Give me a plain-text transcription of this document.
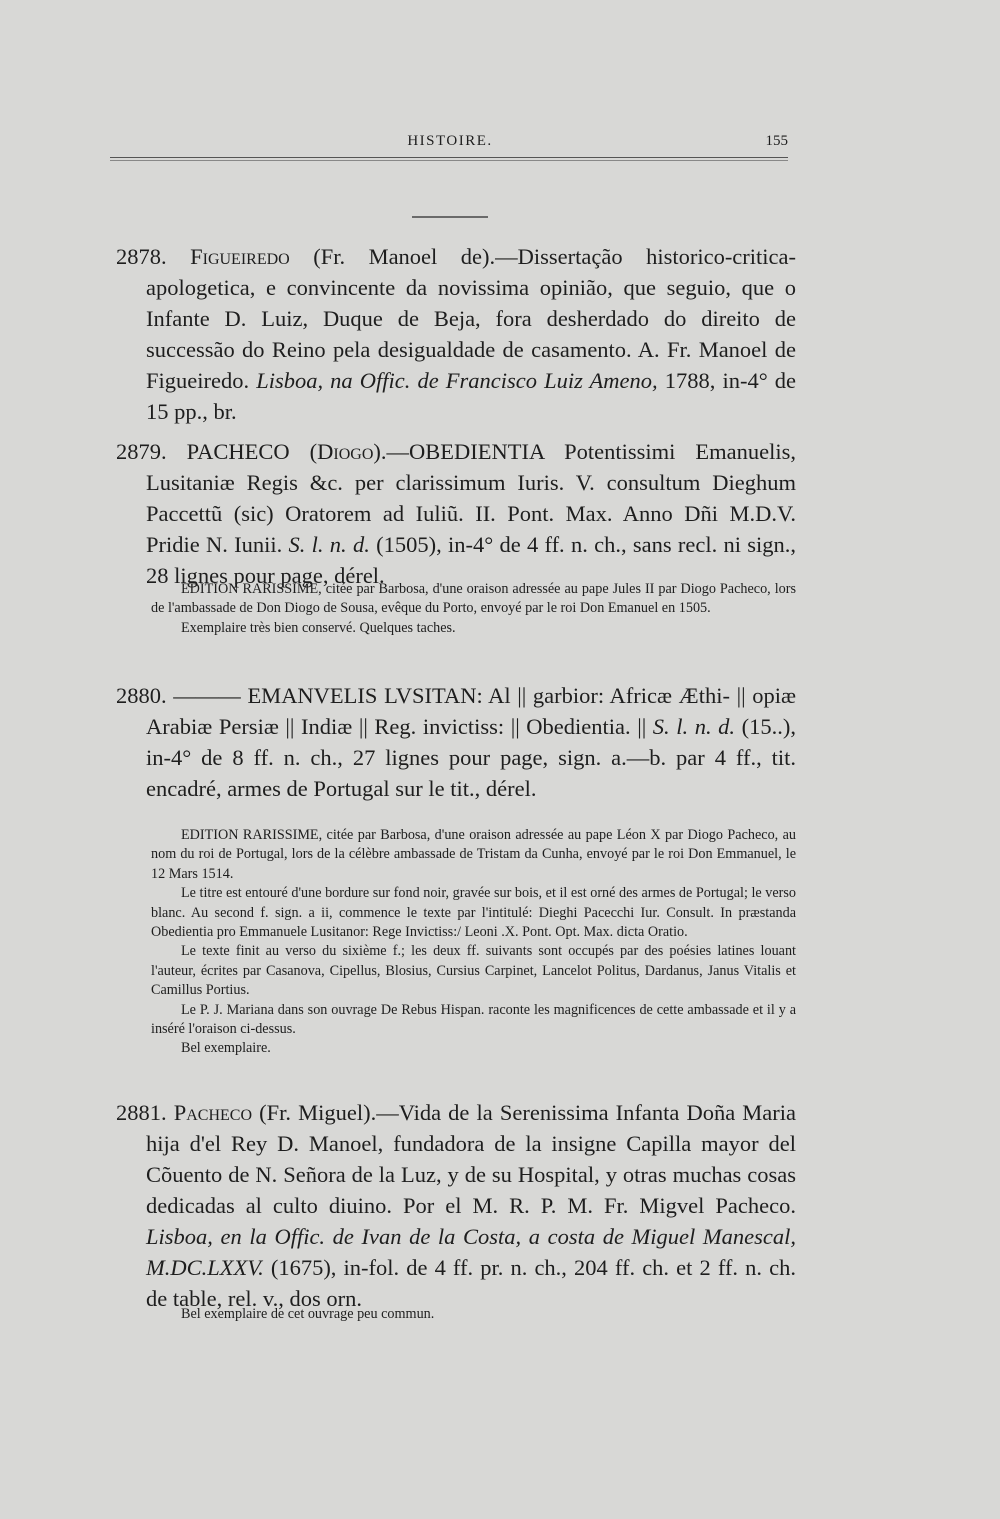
HISTOIRE.	155

2878. Figueiredo (Fr. Manoel de).—Dissertação historico-critica-apologetica, e convincente da novissima opinião, que seguio, que o Infante D. Luiz, Duque de Beja, fora desherdado do direito de successão do Reino pela desigualdade de casamento. A. Fr. Manoel de Figueiredo. Lisboa, na Offic. de Francisco Luiz Ameno, 1788, in-4° de 15 pp., br.

2879. PACHECO (Diogo).—OBEDIENTIA Potentissimi Emanuelis, Lusitaniæ Regis &c. per clarissimum Iuris. V. consultum Dieghum Paccettũ (sic) Oratorem ad Iuliũ. II. Pont. Max. Anno Dñi M.D.V. Pridie N. Iunii. S. l. n. d. (1505), in-4° de 4 ff. n. ch., sans recl. ni sign., 28 lignes pour page, dérel.

EDITION RARISSIME, citée par Barbosa, d'une oraison adressée au pape Jules II par Diogo Pacheco, lors de l'ambassade de Don Diogo de Sousa, evêque du Porto, envoyé par le roi Don Emanuel en 1505.

Exemplaire très bien conservé. Quelques taches.

2880. ——— EMANVELIS LVSITAN: Al || garbior: Africæ Æthi- || opiæ Arabiæ Persiæ || Indiæ || Reg. invictiss: || Obedientia. || S. l. n. d. (15..), in-4° de 8 ff. n. ch., 27 lignes pour page, sign. a.—b. par 4 ff., tit. encadré, armes de Portugal sur le tit., dérel.

EDITION RARISSIME, citée par Barbosa, d'une oraison adressée au pape Léon X par Diogo Pacheco, au nom du roi de Portugal, lors de la célèbre ambassade de Tristam da Cunha, envoyé par le roi Don Emmanuel, le 12 Mars 1514.

Le titre est entouré d'une bordure sur fond noir, gravée sur bois, et il est orné des armes de Portugal; le verso blanc. Au second f. sign. a ii, commence le texte par l'intitulé: Dieghi Pacecchi Iur. Consult. In præstanda Obedientia pro Emmanuele Lusitanor: Rege Invictiss:/ Leoni .X. Pont. Opt. Max. dicta Oratio.

Le texte finit au verso du sixième f.; les deux ff. suivants sont occupés par des poésies latines louant l'auteur, écrites par Casanova, Cipellus, Blosius, Cursius Carpinet, Lancelot Politus, Dardanus, Janus Vitalis et Camillus Portius.

Le P. J. Mariana dans son ouvrage De Rebus Hispan. raconte les magnificences de cette ambassade et il y a inséré l'oraison ci-dessus.

Bel exemplaire.

2881. Pacheco (Fr. Miguel).—Vida de la Serenissima Infanta Doña Maria hija d'el Rey D. Manoel, fundadora de la insigne Capilla mayor del Cõuento de N. Señora de la Luz, y de su Hospital, y otras muchas cosas dedicadas al culto diuino. Por el M. R. P. M. Fr. Migvel Pacheco. Lisboa, en la Offic. de Ivan de la Costa, a costa de Miguel Manescal, M.DC.LXXV. (1675), in-fol. de 4 ff. pr. n. ch., 204 ff. ch. et 2 ff. n. ch. de table, rel. v., dos orn.

Bel exemplaire de cet ouvrage peu commun.
